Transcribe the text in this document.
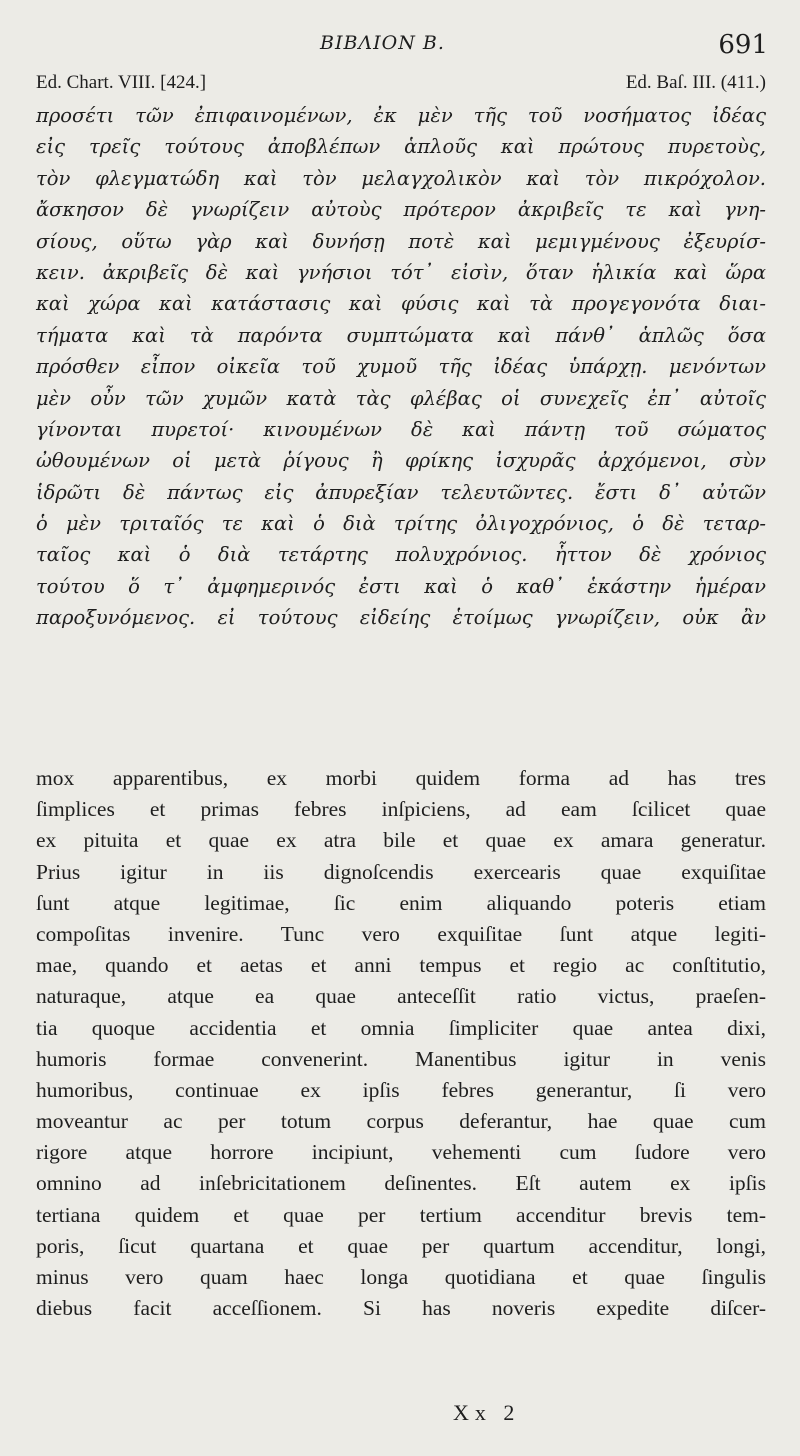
ΒΙΒΛΙΟΝ Β.	691
Ed. Chart. VIII. [424.]	Ed. Baſ. III. (411.)
προσέτι τῶν ἐπιφαινομένων, ἐκ μὲν τῆς τοῦ νοσήματος ἰδέας
εἰς τρεῖς τούτους ἀποβλέπων ἁπλοῦς καὶ πρώτους πυρετοὺς,
τὸν φλεγματώδη καὶ τὸν μελαγχολικὸν καὶ τὸν πικρόχολον.
ἄσκησον δὲ γνωρίζειν αὐτοὺς πρότερον ἀκριβεῖς τε καὶ γνη-
σίους, οὕτω γὰρ καὶ δυνήσῃ ποτὲ καὶ μεμιγμένους ἐξευρίσ-
κειν. ἀκριβεῖς δὲ καὶ γνήσιοι τότ᾽ εἰσὶν, ὅταν ἡλικία καὶ ὥρα
καὶ χώρα καὶ κατάστασις καὶ φύσις καὶ τὰ προγεγονότα διαι-
τήματα καὶ τὰ παρόντα συμπτώματα καὶ πάνθ᾽ ἁπλῶς ὅσα
πρόσθεν εἶπον οἰκεῖα τοῦ χυμοῦ τῆς ἰδέας ὑπάρχῃ. μενόντων
μὲν οὖν τῶν χυμῶν κατὰ τὰς φλέβας οἱ συνεχεῖς ἐπ᾽ αὐτοῖς
γίνονται πυρετοί· κινουμένων δὲ καὶ πάντῃ τοῦ σώματος
ὠθουμένων οἱ μετὰ ῥίγους ἢ φρίκης ἰσχυρᾶς ἀρχόμενοι, σὺν
ἱδρῶτι δὲ πάντως εἰς ἀπυρεξίαν τελευτῶντες. ἔστι δ᾽ αὐτῶν
ὁ μὲν τριταῖός τε καὶ ὁ διὰ τρίτης ὀλιγοχρόνιος, ὁ δὲ τεταρ-
ταῖος καὶ ὁ διὰ τετάρτης πολυχρόνιος. ἧττον δὲ χρόνιος
τούτου ὅ τ᾽ ἀμφημερινός ἐστι καὶ ὁ καθ᾽ ἑκάστην ἡμέραν
παροξυνόμενος. εἰ τούτους εἰδείης ἑτοίμως γνωρίζειν, οὐκ ἂν
mox apparentibus, ex morbi quidem forma ad has tres
ſimplices et primas febres inſpiciens, ad eam ſcilicet quae
ex pituita et quae ex atra bile et quae ex amara generatur.
Prius igitur in iis dignoſcendis exercearis quae exquiſitae
ſunt atque legitimae, ſic enim aliquando poteris etiam
compoſitas invenire. Tunc vero exquiſitae ſunt atque legiti-
mae, quando et aetas et anni tempus et regio ac conſtitutio,
naturaque, atque ea quae anteceſſit ratio victus, praeſen-
tia quoque accidentia et omnia ſimpliciter quae antea dixi,
humoris formae convenerint. Manentibus igitur in venis
humoribus, continuae ex ipſis febres generantur, ſi vero
moveantur ac per totum corpus deferantur, hae quae cum
rigore atque horrore incipiunt, vehementi cum ſudore vero
omnino ad inſebricitationem deſinentes. Eſt autem ex ipſis
tertiana quidem et quae per tertium accenditur brevis tem-
poris, ſicut quartana et quae per quartum accenditur, longi,
minus vero quam haec longa quotidiana et quae ſingulis
diebus facit acceſſionem. Si has noveris expedite diſcer-
Xx 2
